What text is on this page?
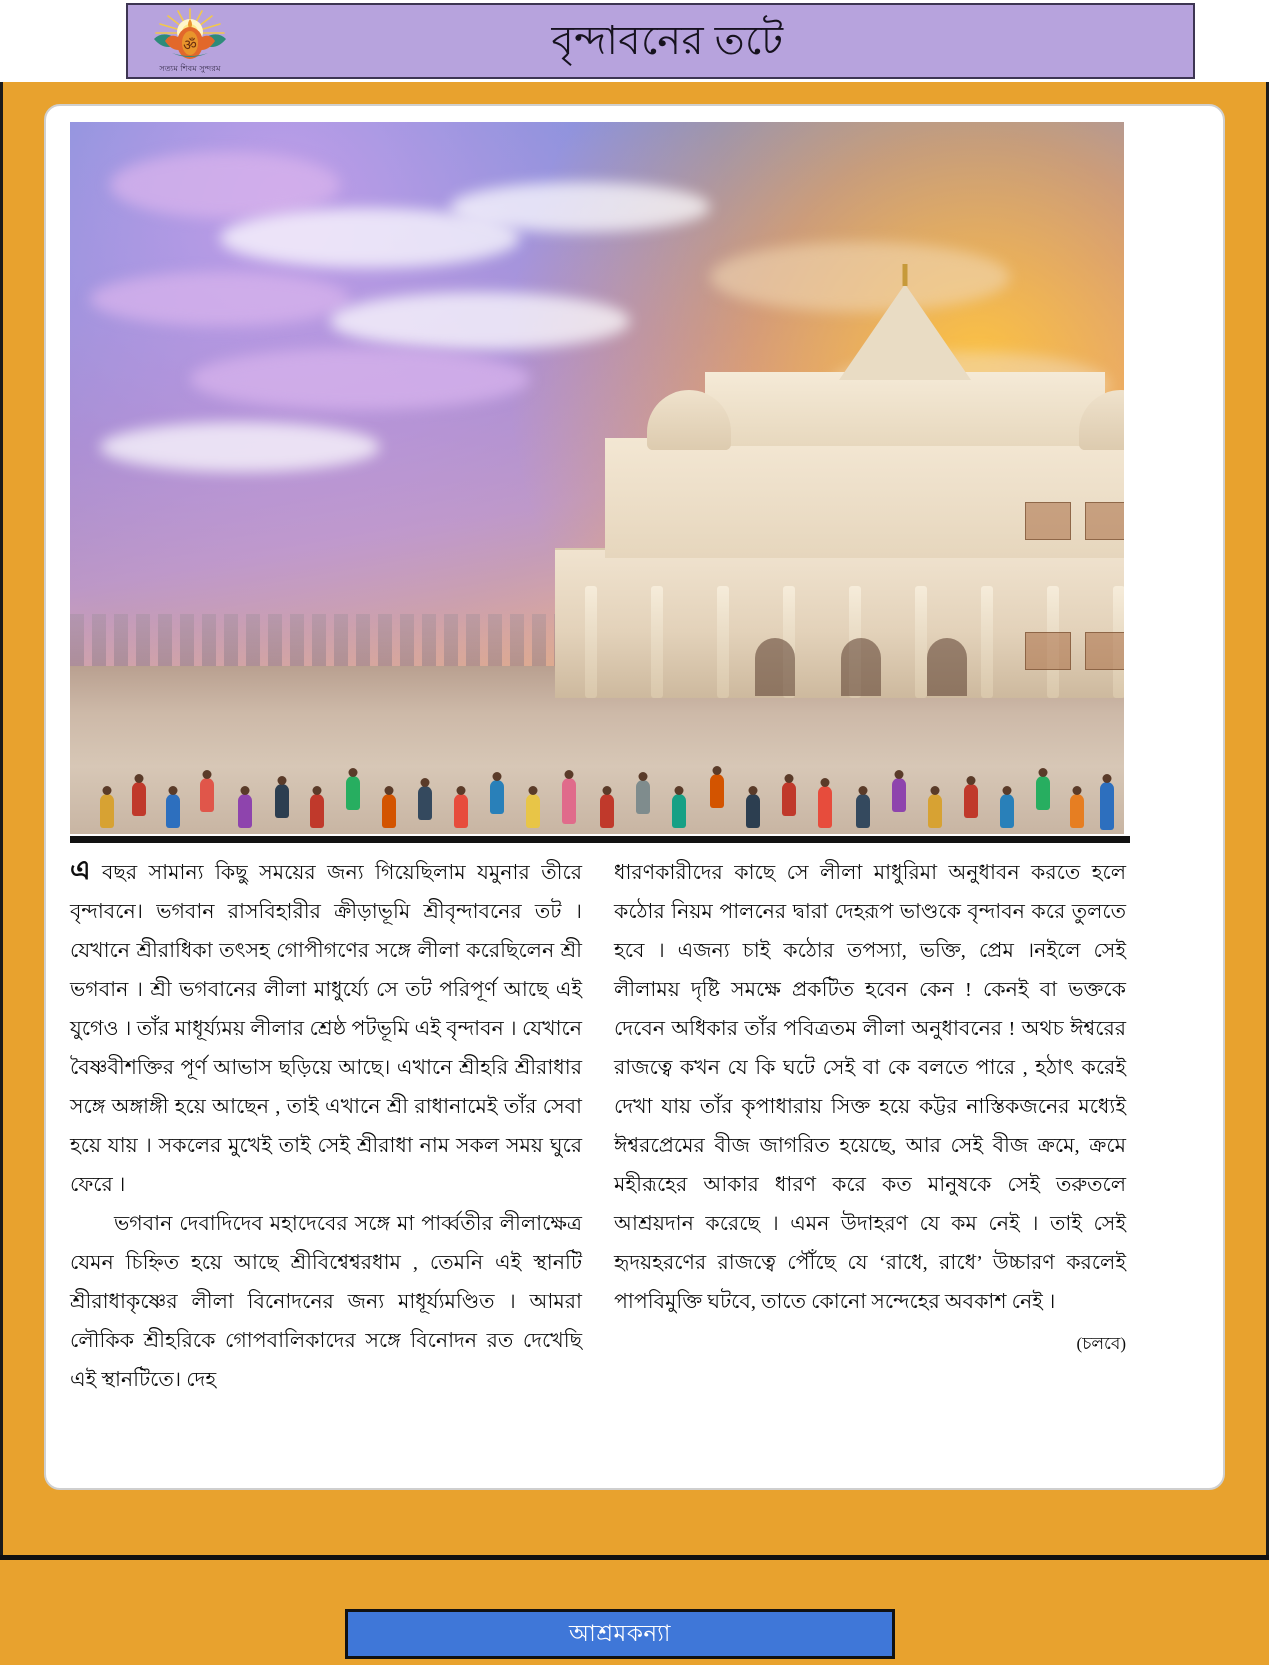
ॐ
সত্যম শিবম সুন্দরম
বৃন্দাবনের তটে

এ বছর সামান্য কিছু সময়ের জন্য গিয়েছিলাম যমুনার তীরে বৃন্দাবনে। ভগবান রাসবিহারীর ক্রীড়াভূমি শ্রীবৃন্দাবনের তট । যেখানে শ্রীরাধিকা তৎসহ গোপীগণের সঙ্গে লীলা করেছিলেন শ্রী ভগবান । শ্রী ভগবানের লীলা মাধুর্য্যে সে তট পরিপূর্ণ আছে এই যুগেও । তাঁর মাধূর্য্যময় লীলার শ্রেষ্ঠ পটভূমি এই বৃন্দাবন । যেখানে বৈষ্ণবীশক্তির পূর্ণ আভাস ছড়িয়ে আছে। এখানে শ্রীহরি শ্রীরাধার সঙ্গে অঙ্গাঙ্গী হয়ে আছেন , তাই এখানে শ্রী রাধানামেই তাঁর সেবা হয়ে যায় । সকলের মুখেই তাই সেই শ্রীরাধা নাম সকল সময় ঘুরে ফেরে ।

ভগবান দেবাদিদেব মহাদেবের সঙ্গে মা পার্ব্বতীর লীলাক্ষেত্র যেমন চিহ্নিত হয়ে আছে শ্রীবিশ্বেশ্বরধাম , তেমনি এই স্থানটি শ্রীরাধাকৃষ্ণের লীলা বিনোদনের জন্য মাধূর্য্যমণ্ডিত । আমরা লৌকিক শ্রীহরিকে গোপবালিকাদের সঙ্গে বিনোদন রত দেখেছি এই স্থানটিতে। দেহ

ধারণকারীদের কাছে সে লীলা মাধুরিমা অনুধাবন করতে হলে কঠোর নিয়ম পালনের দ্বারা দেহরূপ ভাণ্ডকে বৃন্দাবন করে তুলতে হবে । এজন্য চাই কঠোর তপস্যা, ভক্তি, প্রেম ।নইলে সেই লীলাময় দৃষ্টি সমক্ষে প্রকটিত হবেন কেন ! কেনই বা ভক্তকে দেবেন অধিকার তাঁর পবিত্রতম লীলা অনুধাবনের ! অথচ ঈশ্বরের রাজত্বে কখন যে কি ঘটে সেই বা কে বলতে পারে , হঠাৎ করেই দেখা যায় তাঁর কৃপাধারায় সিক্ত হয়ে কট্টর নাস্তিকজনের মধ্যেই ঈশ্বরপ্রেমের বীজ জাগরিত হয়েছে, আর সেই বীজ ক্রমে, ক্রমে মহীরূহের আকার ধারণ করে কত মানুষকে সেই তরুতলে আশ্রয়দান করেছে । এমন উদাহরণ যে কম নেই । তাই সেই হৃদয়হরণের রাজত্বে পৌঁছে যে ‘রাধে, রাধে’ উচ্চারণ করলেই পাপবিমুক্তি ঘটবে, তাতে কোনো সন্দেহের অবকাশ নেই ।

(চলবে)
আশ্রমকন্যা
